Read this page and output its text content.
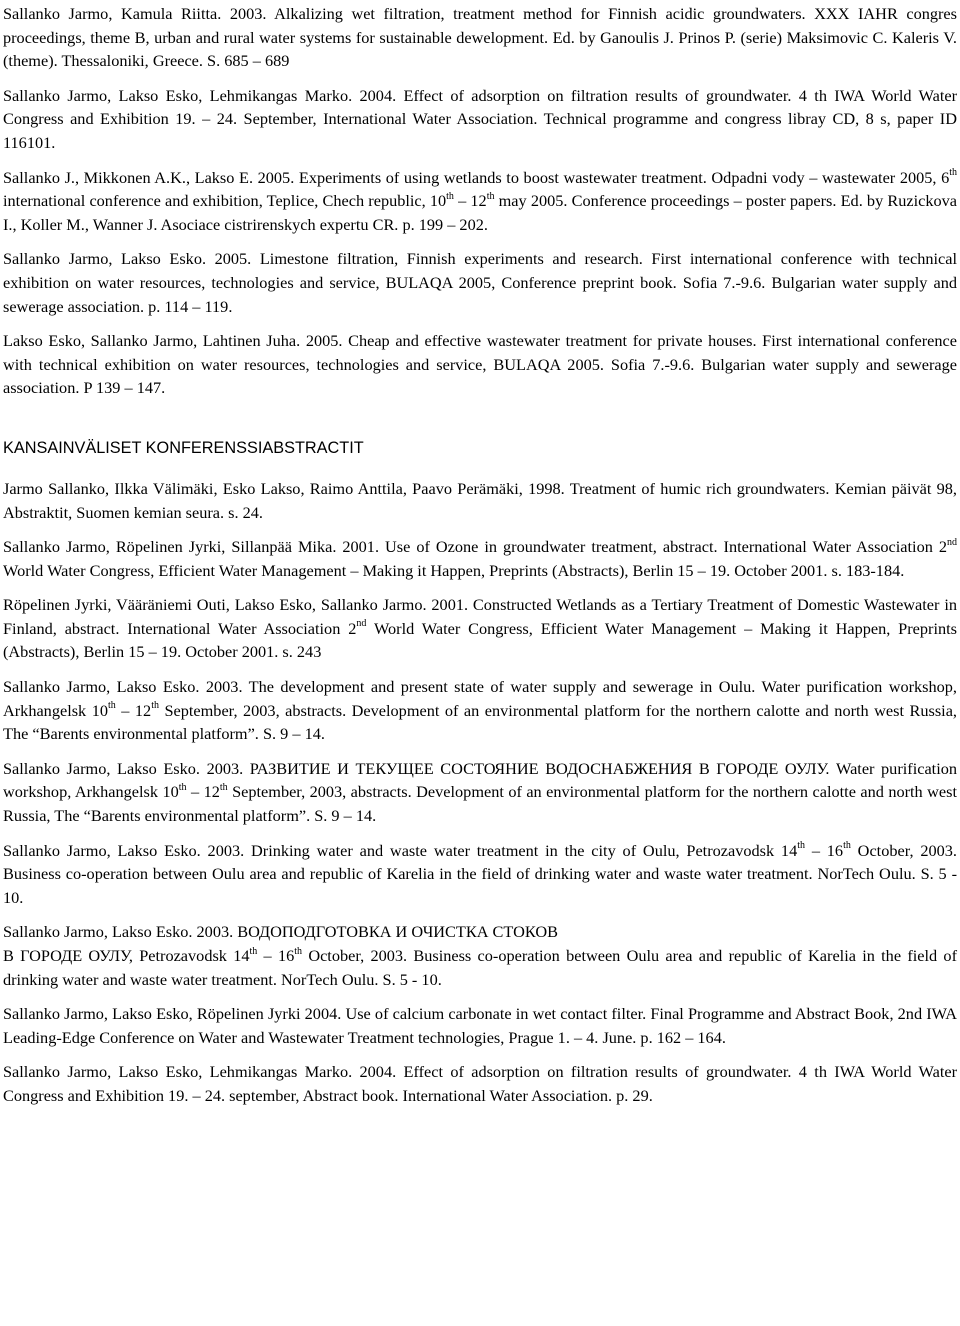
Sallanko Jarmo, Kamula Riitta. 2003. Alkalizing wet filtration, treatment method for Finnish acidic groundwaters. XXX IAHR congres proceedings, theme B, urban and rural water systems for sustainable dewelopment. Ed. by Ganoulis J. Prinos P. (serie) Maksimovic C. Kaleris V. (theme). Thessaloniki, Greece. S. 685 – 689

Sallanko Jarmo, Lakso Esko, Lehmikangas Marko. 2004. Effect of adsorption on filtration results of groundwater. 4 th IWA World Water Congress and Exhibition 19. – 24. September, International Water Association. Technical programme and congress libray CD, 8 s, paper ID 116101.

Sallanko J., Mikkonen A.K., Lakso E. 2005. Experiments of using wetlands to boost wastewater treatment. Odpadni vody – wastewater 2005, 6th international conference and exhibition, Teplice, Chech republic, 10th – 12th may 2005. Conference proceedings – poster papers. Ed. by Ruzickova I., Koller M., Wanner J. Asociace cistrirenskych expertu CR. p. 199 – 202.

Sallanko Jarmo, Lakso Esko. 2005. Limestone filtration, Finnish experiments and research. First international conference with technical exhibition on water resources, technologies and service, BULAQA 2005, Conference preprint book. Sofia 7.-9.6. Bulgarian water supply and sewerage association. p. 114 – 119.

Lakso Esko, Sallanko Jarmo, Lahtinen Juha. 2005. Cheap and effective wastewater treatment for private houses. First international conference with technical exhibition on water resources, technologies and service, BULAQA 2005. Sofia 7.-9.6. Bulgarian water supply and sewerage association. P 139 – 147.

KANSAINVÄLISET KONFERENSSIABSTRACTIT

Jarmo Sallanko, Ilkka Välimäki, Esko Lakso, Raimo Anttila, Paavo Perämäki, 1998. Treatment of humic rich groundwaters. Kemian päivät 98, Abstraktit, Suomen kemian seura. s. 24.

Sallanko Jarmo, Röpelinen Jyrki, Sillanpää Mika. 2001. Use of Ozone in groundwater treatment, abstract. International Water Association 2nd World Water Congress, Efficient Water Management – Making it Happen, Preprints (Abstracts), Berlin 15 – 19. October 2001. s. 183-184.

Röpelinen Jyrki, Vääräniemi Outi, Lakso Esko, Sallanko Jarmo. 2001. Constructed Wetlands as a Tertiary Treatment of Domestic Wastewater in Finland, abstract. International Water Association 2nd World Water Congress, Efficient Water Management – Making it Happen, Preprints (Abstracts), Berlin 15 – 19. October 2001. s. 243

Sallanko Jarmo, Lakso Esko. 2003. The development and present state of water supply and sewerage in Oulu. Water purification workshop, Arkhangelsk 10th – 12th September, 2003, abstracts. Development of an environmental platform for the northern calotte and north west Russia, The “Barents environmental platform”. S. 9 – 14.

Sallanko Jarmo, Lakso Esko. 2003. РАЗВИТИЕ И ТЕКУЩЕЕ СОСТОЯНИЕ ВОДОСНАБЖЕНИЯ В ГОРОДЕ ОУЛУ. Water purification workshop, Arkhangelsk 10th – 12th September, 2003, abstracts. Development of an environmental platform for the northern calotte and north west Russia, The “Barents environmental platform”. S. 9 – 14.

Sallanko Jarmo, Lakso Esko. 2003. Drinking water and waste water treatment in the city of Oulu, Petrozavodsk 14th – 16th October, 2003. Business co-operation between Oulu area and republic of Karelia in the field of drinking water and waste water treatment. NorTech Oulu. S. 5 - 10.

Sallanko Jarmo, Lakso Esko. 2003. ВОДОПОДГОТОВКА И ОЧИСТКА СТОКОВ
В ГОРОДЕ ОУЛУ, Petrozavodsk 14th – 16th October, 2003. Business co-operation between Oulu area and republic of Karelia in the field of drinking water and waste water treatment. NorTech Oulu. S. 5 - 10.

Sallanko Jarmo, Lakso Esko, Röpelinen Jyrki 2004. Use of calcium carbonate in wet contact filter. Final Programme and Abstract Book, 2nd IWA Leading-Edge Conference on Water and Wastewater Treatment technologies, Prague 1. – 4. June. p. 162 – 164.

Sallanko Jarmo, Lakso Esko, Lehmikangas Marko. 2004. Effect of adsorption on filtration results of groundwater. 4 th IWA World Water Congress and Exhibition 19. – 24. september, Abstract book. International Water Association. p. 29.
